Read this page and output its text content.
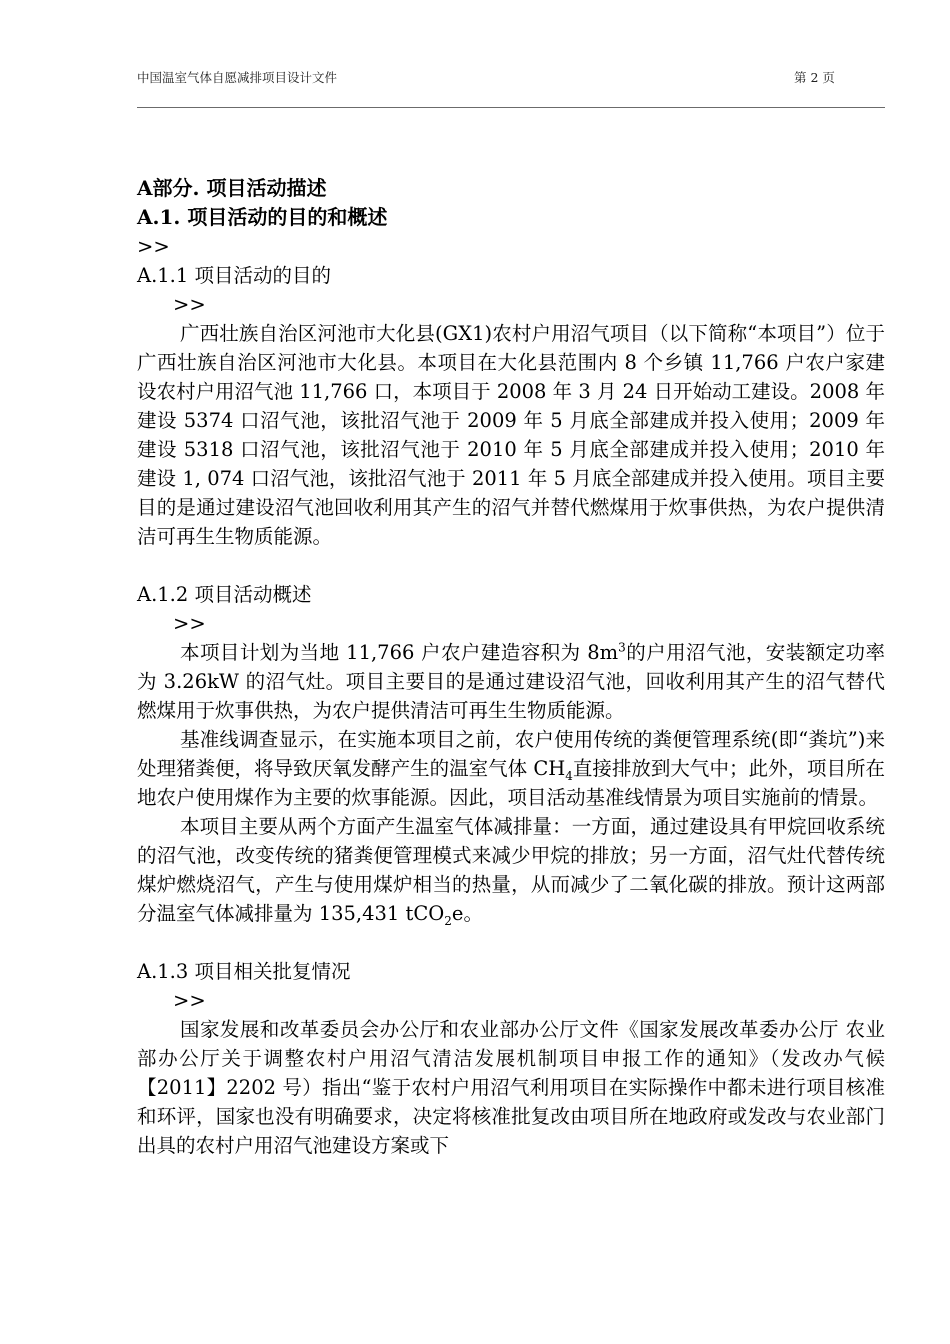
中国温室气体自愿减排项目设计文件	第 2 页

A部分. 项目活动描述

A.1. 项目活动的目的和概述

>>

A.1.1 项目活动的目的

>>

广西壮族自治区河池市大化县(GX1)农村户用沼气项目（以下简称“本项目”）位于广西壮族自治区河池市大化县。本项目在大化县范围内 8 个乡镇 11,766 户农户家建设农村户用沼气池 11,766 口，本项目于 2008 年 3 月 24 日开始动工建设。2008 年建设 5374 口沼气池，该批沼气池于 2009 年 5 月底全部建成并投入使用；2009 年建设 5318 口沼气池，该批沼气池于 2010 年 5 月底全部建成并投入使用；2010 年建设 1, 074 口沼气池，该批沼气池于 2011 年 5 月底全部建成并投入使用。项目主要目的是通过建设沼气池回收利用其产生的沼气并替代燃煤用于炊事供热，为农户提供清洁可再生生物质能源。

A.1.2 项目活动概述

>>

本项目计划为当地 11,766 户农户建造容积为 $8m^3$的户用沼气池，安装额定功率为 3.26kW 的沼气灶。项目主要目的是通过建设沼气池，回收利用其产生的沼气替代燃煤用于炊事供热，为农户提供清洁可再生生物质能源。

基准线调查显示，在实施本项目之前，农户使用传统的粪便管理系统(即“粪坑”)来处理猪粪便，将导致厌氧发酵产生的温室气体 $CH_4$直接排放到大气中；此外，项目所在地农户使用煤作为主要的炊事能源。因此，项目活动基准线情景为项目实施前的情景。

本项目主要从两个方面产生温室气体减排量：一方面，通过建设具有甲烷回收系统的沼气池，改变传统的猪粪便管理模式来减少甲烷的排放；另一方面，沼气灶代替传统煤炉燃烧沼气，产生与使用煤炉相当的热量，从而减少了二氧化碳的排放。预计这两部分温室气体减排量为 135,431 tCO$_2$e。

A.1.3 项目相关批复情况

>>

国家发展和改革委员会办公厅和农业部办公厅文件《国家发展改革委办公厅 农业部办公厅关于调整农村户用沼气清洁发展机制项目申报工作的通知》（发改办气候【2011】2202 号）指出“鉴于农村户用沼气利用项目在实际操作中都未进行项目核准和环评，国家也没有明确要求，决定将核准批复改由项目所在地政府或发改与农业部门出具的农村户用沼气池建设方案或下
